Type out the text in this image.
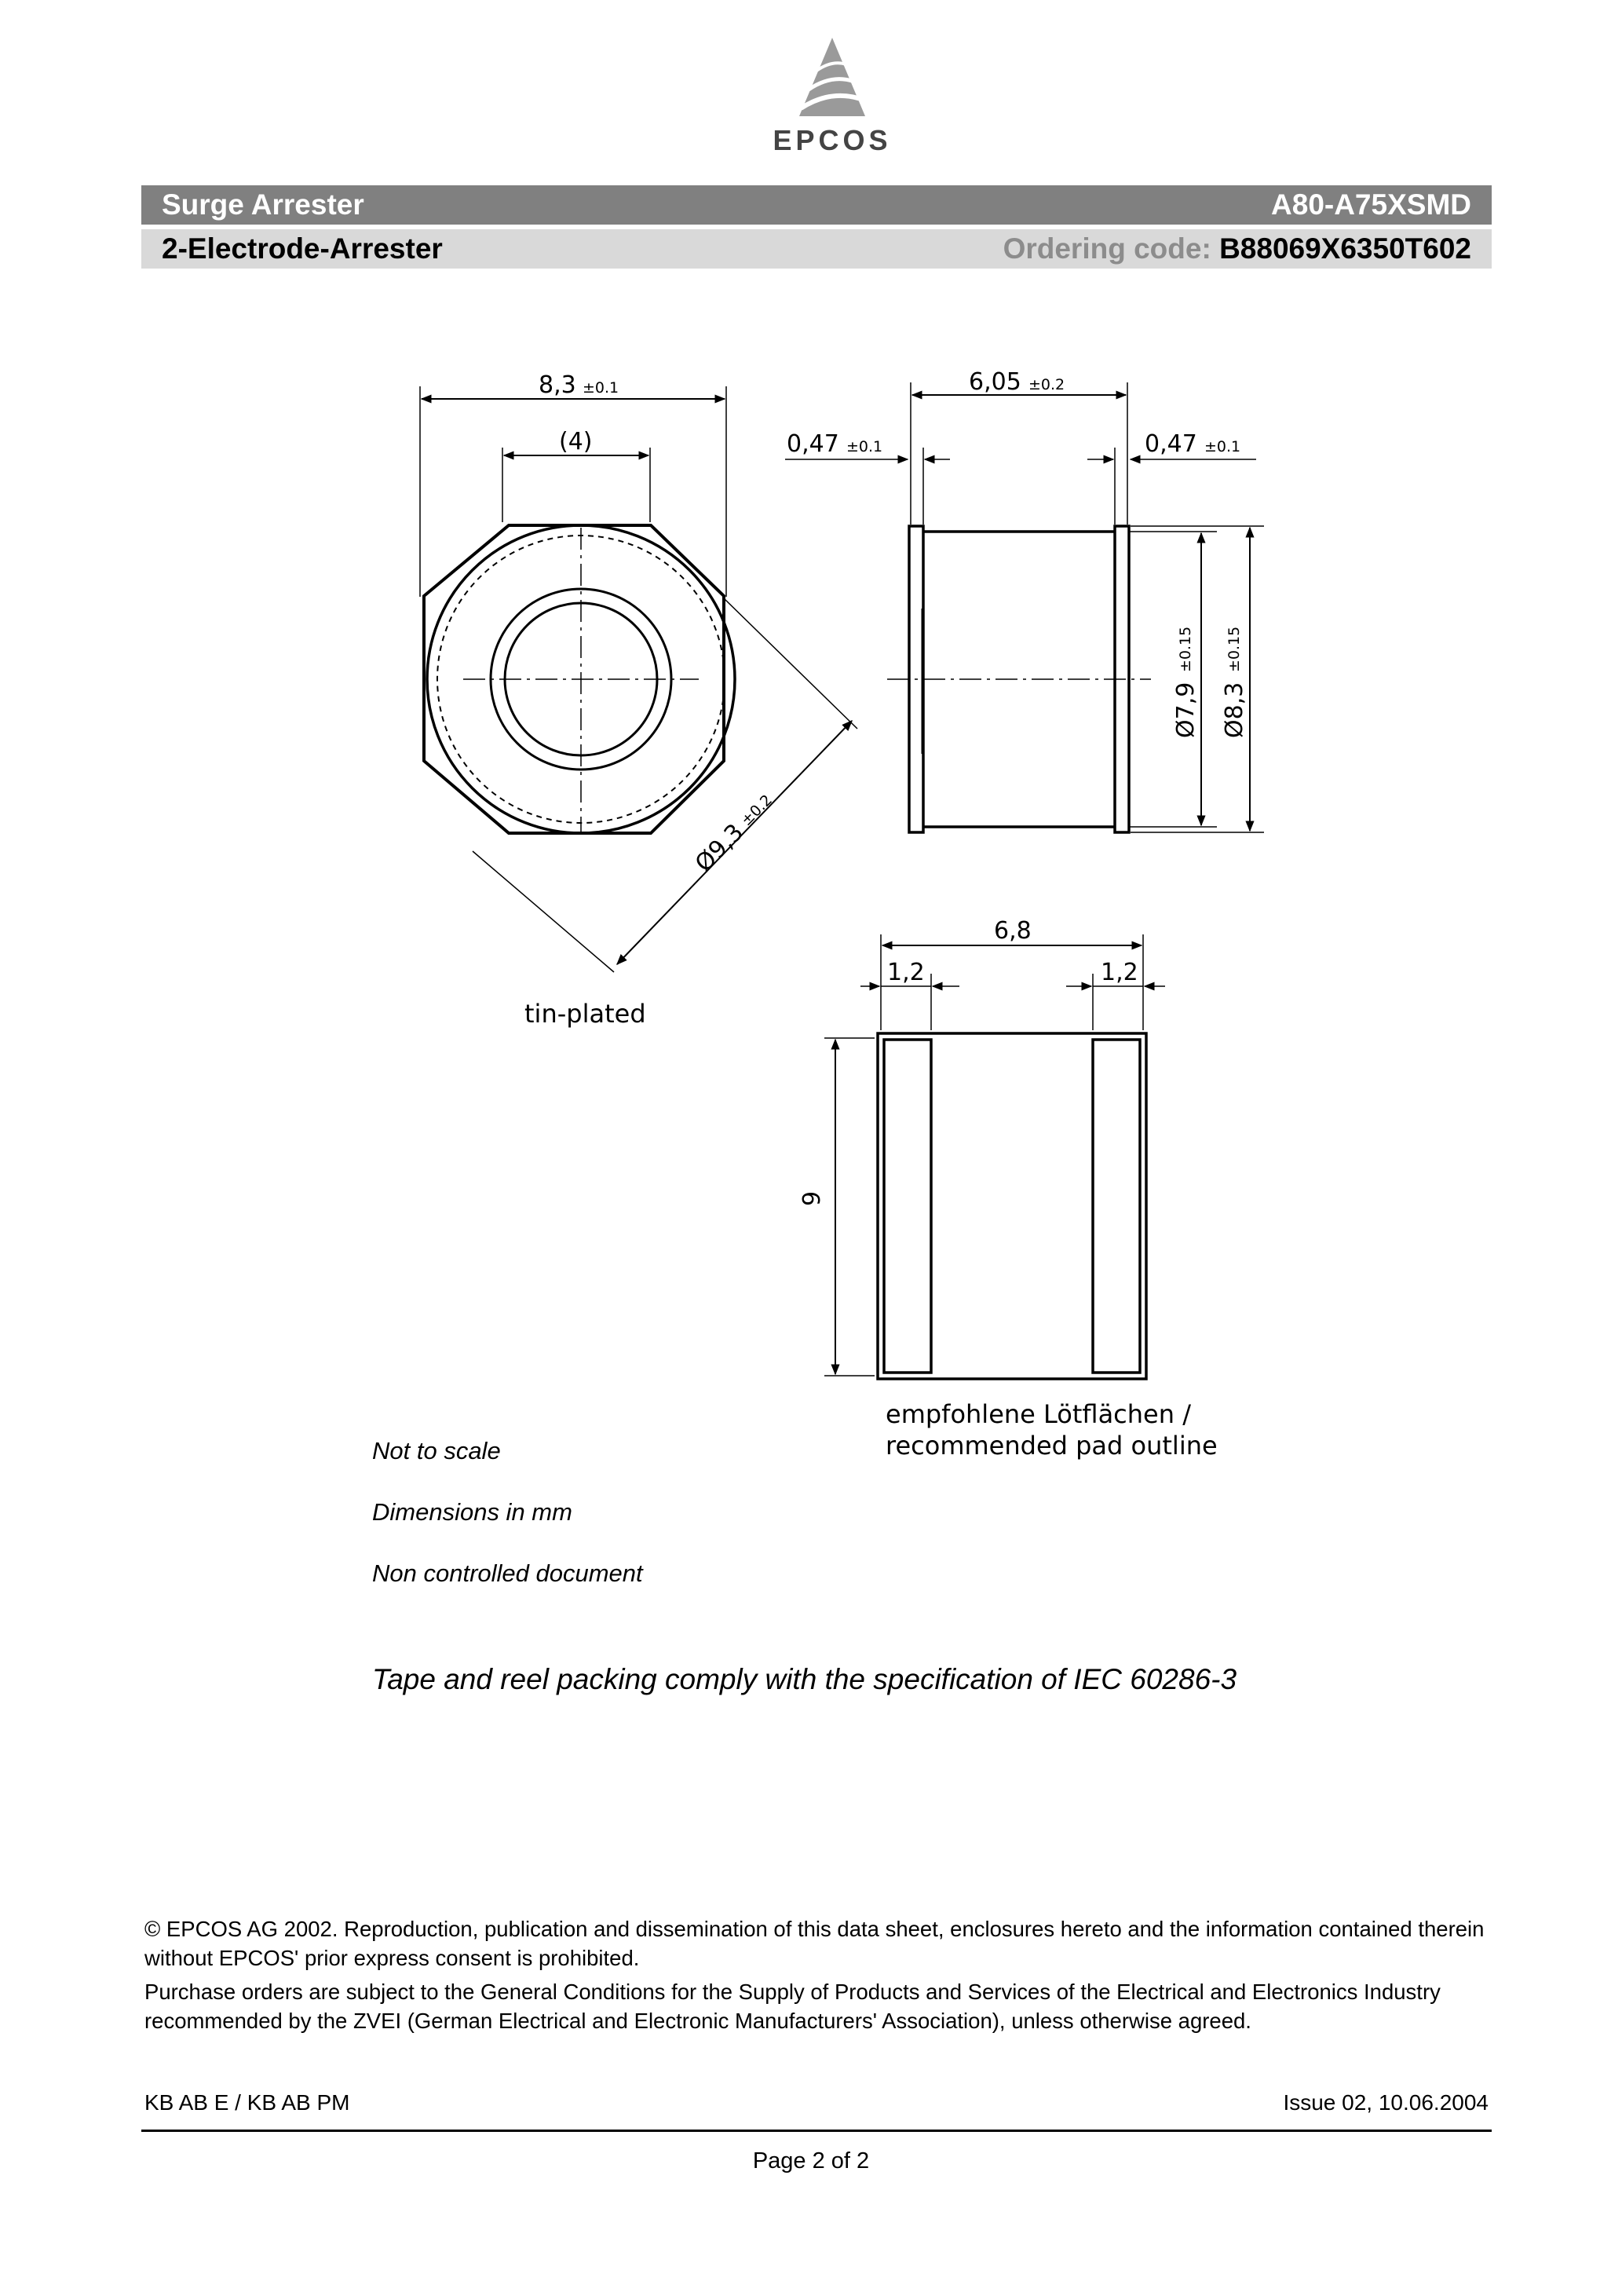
EPCOS
Surge Arrester	A80-A75XSMD
2-Electrode-Arrester	Ordering code: B88069X6350T602
8,3 ±0.1
(4)
Ø9,3
±0.2
tin-plated
6,05 ±0.2
0,47 ±0.1	0,47 ±0.1
Ø7,9
±0.15
Ø8,3
±0.15
6,8
1,2	1,2
9
empfohlene Lötflächen /
recommended pad outline
Not to scale
Dimensions in mm
Non controlled document
Tape and reel packing comply with the specification of IEC 60286-3

© EPCOS AG 2002. Reproduction, publication and dissemination of this data sheet, enclosures hereto and the information contained therein without EPCOS' prior express consent is prohibited.

Purchase orders are subject to the General Conditions for the Supply of Products and Services of the Electrical and Electronics Industry recommended by the ZVEI (German Electrical and Electronic Manufacturers' Association), unless otherwise agreed.

KB AB E / KB AB PM	Issue 02, 10.06.2004
Page 2 of 2
